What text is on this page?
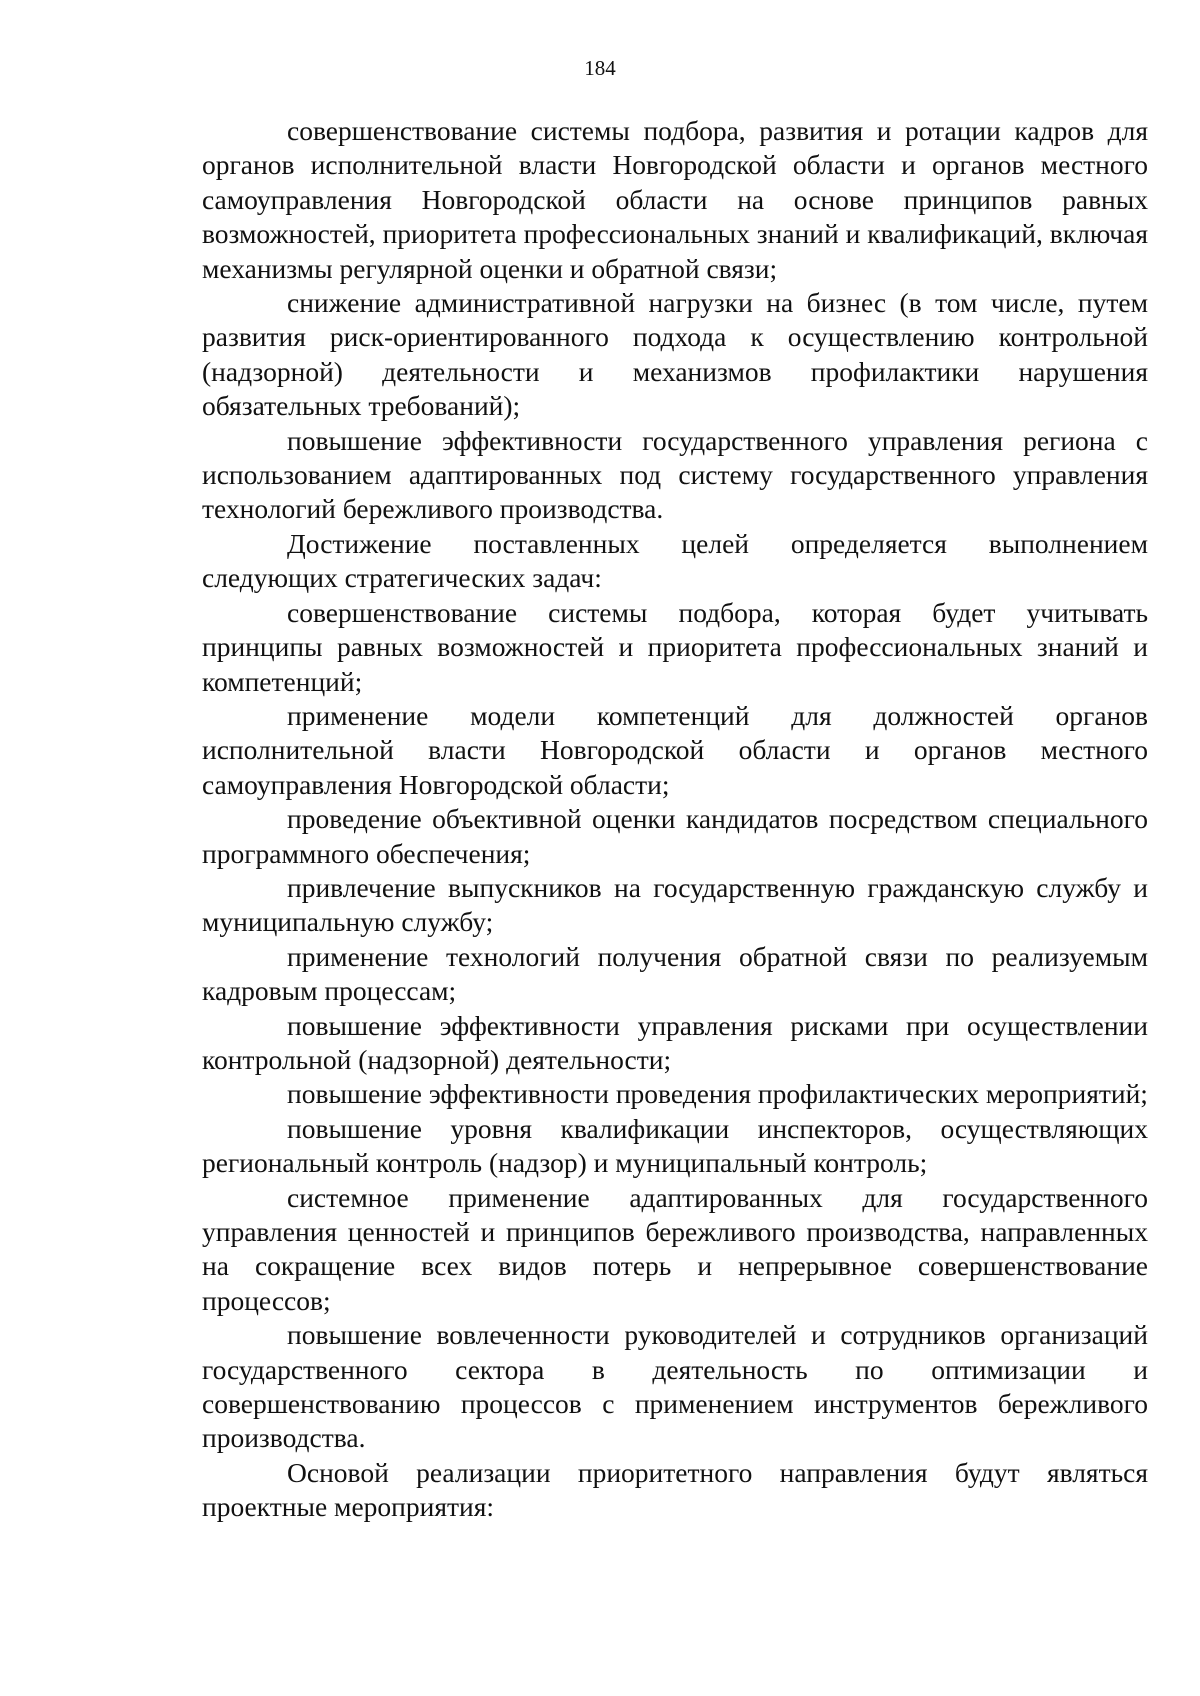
184

совершенствование системы подбора, развития и ротации кадров для органов исполнительной власти Новгородской области и органов местного самоуправления Новгородской области на основе принципов равных возможностей, приоритета профессиональных знаний и квалификаций, включая механизмы регулярной оценки и обратной связи;

снижение административной нагрузки на бизнес (в том числе, путем развития риск-ориентированного подхода к осуществлению контрольной (надзорной) деятельности и механизмов профилактики нарушения обязательных требований);

повышение эффективности государственного управления региона с использованием адаптированных под систему государственного управления технологий бережливого производства.

Достижение поставленных целей определяется выполнением следующих стратегических задач:

совершенствование системы подбора, которая будет учитывать принципы равных возможностей и приоритета профессиональных знаний и компетенций;

применение модели компетенций для должностей органов исполнительной власти Новгородской области и органов местного самоуправления Новгородской области;

проведение объективной оценки кандидатов посредством специального программного обеспечения;

привлечение выпускников на государственную гражданскую службу и муниципальную службу;

применение технологий получения обратной связи по реализуемым кадровым процессам;

повышение эффективности управления рисками при осуществлении контрольной (надзорной) деятельности;

повышение эффективности проведения профилактических мероприятий;

повышение уровня квалификации инспекторов, осуществляющих региональный контроль (надзор) и муниципальный контроль;

системное применение адаптированных для государственного управления ценностей и принципов бережливого производства, направленных на сокращение всех видов потерь и непрерывное совершенствование процессов;

повышение вовлеченности руководителей и сотрудников организаций государственного сектора в деятельность по оптимизации и совершенствованию процессов с применением инструментов бережливого производства.

Основой реализации приоритетного направления будут являться проектные мероприятия:
